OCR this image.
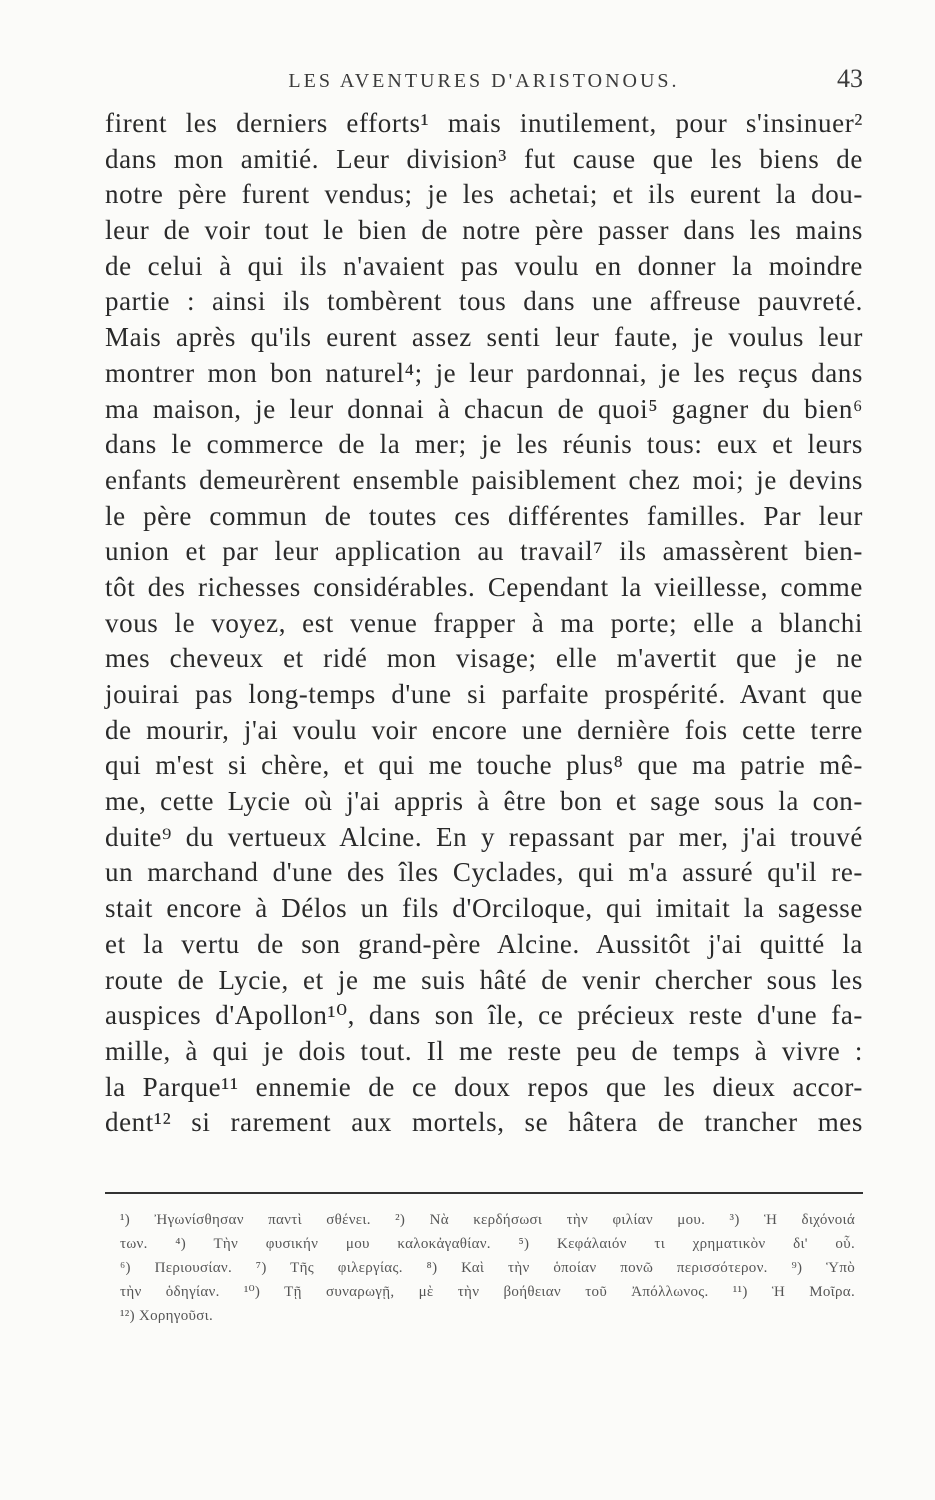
LES AVENTURES D'ARISTONOUS.	43
firent les derniers efforts¹ mais inutilement, pour s'insinuer²
dans mon amitié. Leur division³ fut cause que les biens de
notre père furent vendus; je les achetai; et ils eurent la dou-
leur de voir tout le bien de notre père passer dans les mains
de celui à qui ils n'avaient pas voulu en donner la moindre
partie : ainsi ils tombèrent tous dans une affreuse pauvreté.
Mais après qu'ils eurent assez senti leur faute, je voulus leur
montrer mon bon naturel⁴; je leur pardonnai, je les reçus dans
ma maison, je leur donnai à chacun de quoi⁵ gagner du bien⁶
dans le commerce de la mer; je les réunis tous: eux et leurs
enfants demeurèrent ensemble paisiblement chez moi; je devins
le père commun de toutes ces différentes familles. Par leur
union et par leur application au travail⁷ ils amassèrent bien-
tôt des richesses considérables. Cependant la vieillesse, comme
vous le voyez, est venue frapper à ma porte; elle a blanchi
mes cheveux et ridé mon visage; elle m'avertit que je ne
jouirai pas long-temps d'une si parfaite prospérité. Avant que
de mourir, j'ai voulu voir encore une dernière fois cette terre
qui m'est si chère, et qui me touche plus⁸ que ma patrie mê-
me, cette Lycie où j'ai appris à être bon et sage sous la con-
duite⁹ du vertueux Alcine. En y repassant par mer, j'ai trouvé
un marchand d'une des îles Cyclades, qui m'a assuré qu'il re-
stait encore à Délos un fils d'Orciloque, qui imitait la sagesse
et la vertu de son grand-père Alcine. Aussitôt j'ai quitté la
route de Lycie, et je me suis hâté de venir chercher sous les
auspices d'Apollon¹⁰, dans son île, ce précieux reste d'une fa-
mille, à qui je dois tout. Il me reste peu de temps à vivre :
la Parque¹¹ ennemie de ce doux repos que les dieux accor-
dent¹² si rarement aux mortels, se hâtera de trancher mes
¹) Ἠγωνίσθησαν παντὶ σθένει. ²) Νὰ κερδήσωσι τὴν φιλίαν μου. ³) Ἡ διχόνοιά
των. ⁴) Τὴν φυσικήν μου καλοκἀγαθίαν. ⁵) Κεφάλαιόν τι χρηματικὸν δι' οὗ.
⁶) Περιουσίαν. ⁷) Τῆς φιλεργίας. ⁸) Καὶ τὴν ὁποίαν πονῶ περισσότερον. ⁹) Ὑπὸ
τὴν ὁδηγίαν. ¹⁰) Τῇ συναρωγῇ, μὲ τὴν βοήθειαν τοῦ Ἀπόλλωνος. ¹¹) Ἡ Μοῖρα.
¹²) Χορηγοῦσι.
